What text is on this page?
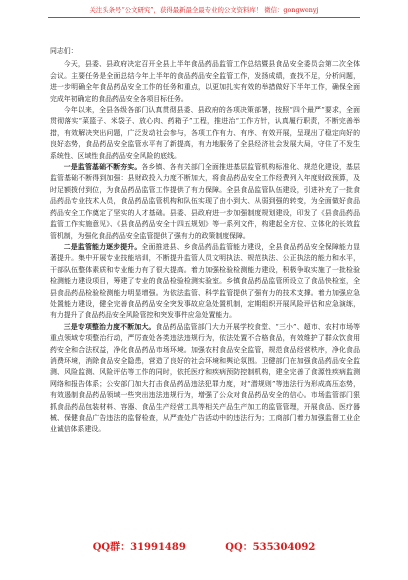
关注头条号“公文研究”，获得最新最全最专业的公文资料库！ 微信：gongwenyj

同志们：

今天，县委、县政府决定召开全县上半年食品药品监管工作总结暨县食品安全委员会第二次全体会议。主要任务是全面总结今年上半年的食品药品安全监管工作，发扬成绩，查找不足，分析问题，进一步明确全年食品药品安全工作的任务和重点，以更加扎实有效的举措做好下半年工作，确保全面完成年初确定的食品药品安全各项目标任务。

今年以来，全县各级各部门认真贯彻县委、县政府的各项决策部署，按照“四个最严”要求，全面贯彻落实“菜篮子、米袋子、放心肉、药箱子”工程，推进治“工作方针，认真履行职责，不断完善举措，有效解决突出问题，广泛发动社会参与，各项工作有力、有序、有效开展，呈现出了稳定向好的良好态势，食品药品安全监管水平有了新提高，有力地服务了全县经济社会发展大局，守住了不发生系统性、区域性食品药品安全风险的底线。

一是监管基础不断夯实。各乡镇、各有关部门全面推进基层监管机构标准化、规范化建设，基层监管基础不断得到加强：县财政投入力度不断加大，将食品药品安全工作经费列入年度财政预算，及时足额拨付到位，为食品药品监管工作提供了有力保障。全县食品监管队伍建设，引进补充了一批食品药品专业技术人员，食品药品监管机构和队伍实现了由小到大、从弱到强的转变，为全面做好食品药品安全工作奠定了坚实的人才基础。县委、县政府进一步加强制度规划建设，印发了《县食品药品监管工作实施意见》、《县食品药品安全十四五规划》等一系列文件，构建起全方位、立体化的长效监管机制，为强化食品药品安全监管提供了强有力的政策制度保障。

二是监管能力逐步提升。全面推进县、乡食品药品监管能力建设，全县食品药品安全保障能力显著提升。集中开展专业技能培训，不断提升监管人员文明执法、规范执法、公正执法的能力和水平，干部队伍整体素质和专业能力有了很大提高。着力加强检验检测能力建设，积极争取实施了一批检验检测能力建设项目，筹建了专业的食品检验检测实验室。乡镇食品药品监管所设立了食品快检室，全县食品药品检验检测能力明显增强。为依法监管、科学监管提供了强有力的技术支撑。着力加强应急处置能力建设，健全完善食品药品安全突发事故应急处置机制，定期组织开展风险评估和应急演练，有力提升了食品药品安全风险管控和突发事件应急处置能力。

三是专项整治力度不断加大。食品药品监管部门大力开展学校食堂、“三小”、超市、农村市场等重点领域专项整治行动，严厉查处各类违法违规行为，依法处置不合格食品，有效维护了群众饮食用药安全和合法权益，净化食品药品市场环境。加强农村食品安全监管，规范食品经营秩序，净化食品消费环境，消除食品安全隐患，营造了良好的社会环境和舆论氛围。卫健部门在加强食品药品安全监测、风险监测、风险评估等工作的同时，依托医疗和疾病预防控制机构，建全完善了食源性疾病监测网络和报告体系；公安部门加大打击食品药品违法犯罪力度，对“潜规则”等违法行为形成高压态势，有效遏制食品药品领域一些突出违法违规行为，增强了公众对食品药品安全的信心。市场监管部门狠抓食品药品包装材料、容器、食品生产经营工具等相关产品生产加工的监管管理，开展食品、医疗器械、保健食品广告违法的监督检查，从严查处广告活动中的违法行为；工商部门着力加强监督工业企业诚信体系建设。

QQ群：31991489	QQ：535304092
